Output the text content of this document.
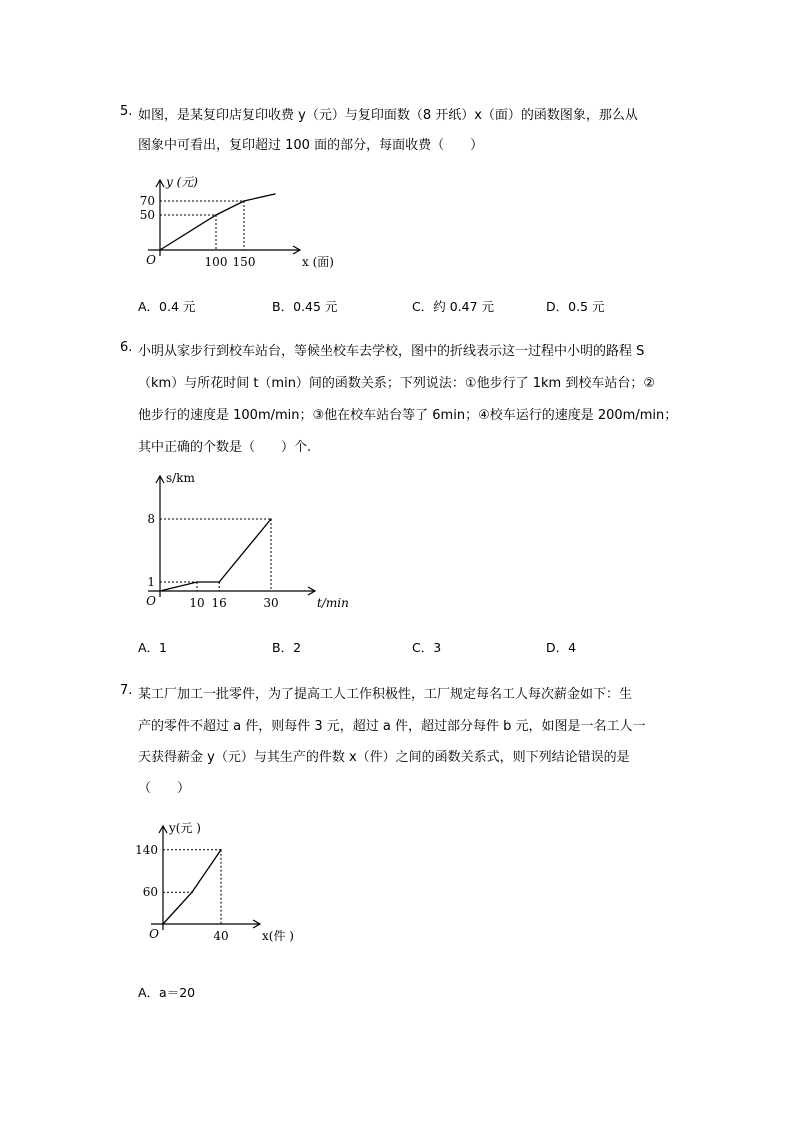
5. 如图，是某复印店复印收费 y（元）与复印面数（8 开纸）x（面）的函数图象，那么从
图象中可看出，复印超过 100 面的部分，每面收费（　　）
100 150
50
70
O	x (面)
y (元)
A．0.4 元	B．0.45 元	C．约 0.47 元	D．0.5 元
6. 小明从家步行到校车站台，等候坐校车去学校，图中的折线表示这一过程中小明的路程 S
（km）与所花时间 t（min）间的函数关系；下列说法：①他步行了 1km 到校车站台；②
他步行的速度是 100m/min；③他在校车站台等了 6min；④校车运行的速度是 200m/min；
其中正确的个数是（　　）个.
10 16	30
1
8
O	t/min
s/km
A．1	B．2	C．3	D．4
7. 某工厂加工一批零件，为了提高工人工作积极性，工厂规定每名工人每次薪金如下：生
产的零件不超过 a 件，则每件 3 元，超过 a 件，超过部分每件 b 元，如图是一名工人一
天获得薪金 y（元）与其生产的件数 x（件）之间的函数关系式，则下列结论错误的是
（　　）
40
60
140
O	x(件 )
y(元 )
A．a＝20
